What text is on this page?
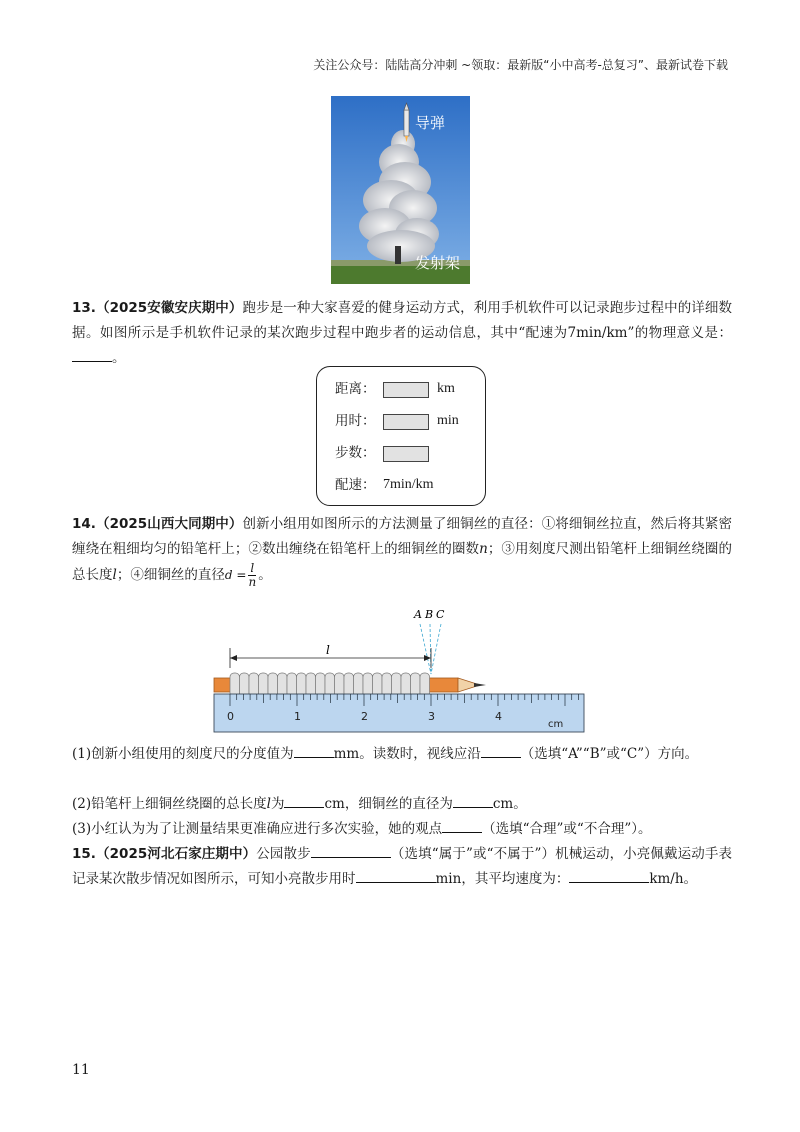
关注公众号：陆陆高分冲刺 ~领取：最新版“小中高考-总复习”、最新试卷下载
导弹
发射架
13.（2025安徽安庆期中）跑步是一种大家喜爱的健身运动方式，利用手机软件可以记录跑步过程中的详细数据。如图所示是手机软件记录的某次跑步过程中跑步者的运动信息，其中“配速为7min/km”的物理意义是：。
距离：	km
用时：	min
步数：
配速： 7min/km
14.（2025山西大同期中）创新小组用如图所示的方法测量了细铜丝的直径：①将细铜丝拉直，然后将其紧密缠绕在粗细均匀的铅笔杆上；②数出缠绕在铅笔杆上的细铜丝的圈数n；③用刻度尺测出铅笔杆上细铜丝绕圈的总长度l；④细铜丝的直径$d = \frac{l}{n}$ 。
A B C
l
0	1	2	3	4
cm
(1)创新小组使用的刻度尺的分度值为	mm。读数时，视线应沿	（选填“A”“B”或“C”）方向。
(2)铅笔杆上细铜丝绕圈的总长度l为	cm，细铜丝的直径为	cm。
(3)小红认为为了让测量结果更准确应进行多次实验，她的观点	（选填“合理”或“不合理”）。
15.（2025河北石家庄期中）公园散步	（选填“属于”或“不属于”）机械运动，小亮佩戴运动手表记录某次散步情况如图所示，可知小亮散步用时	min，其平均速度为：	km/h。
11
